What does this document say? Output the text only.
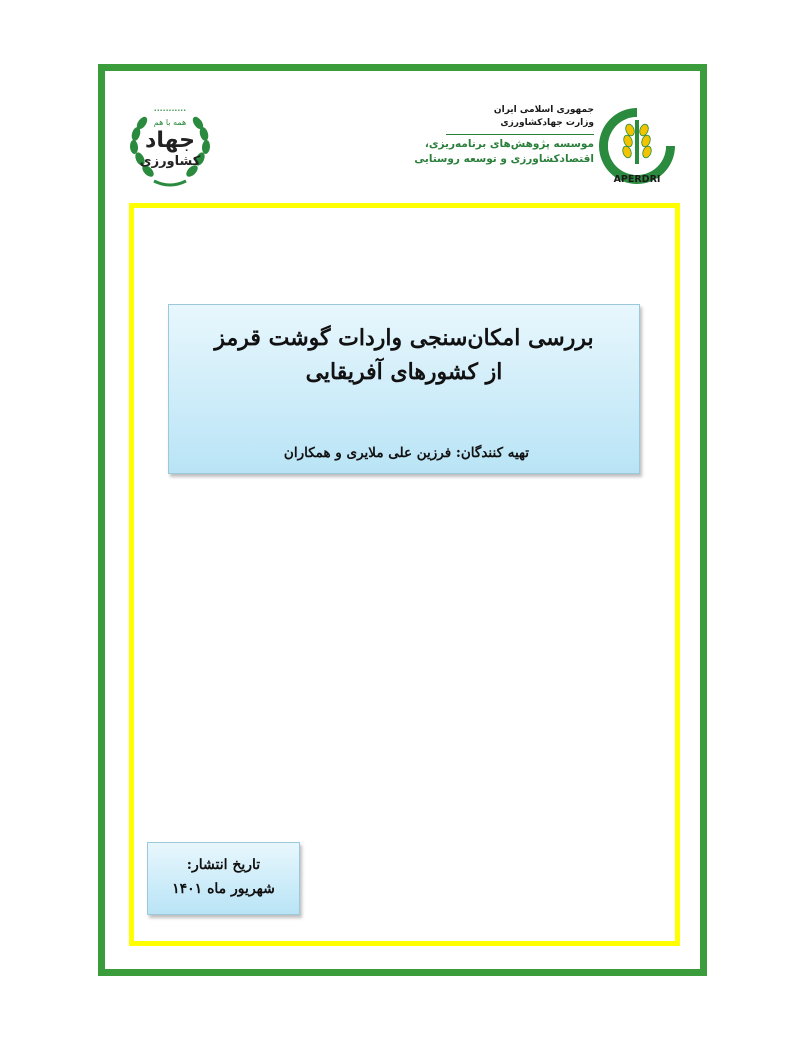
•••••••••••
همه با هم
جهاد
کشاورزی
جمهوری اسلامی ایران
وزارت جهادکشاورزی
موسسه پژوهش‌های برنامه‌ریزی،
اقتصادکشاورزی و توسعه روستایی
APERDRI
بررسی امکان‌سنجی واردات گوشت قرمز
از کشورهای آفریقایی
تهیه کنندگان: فرزین علی ملایری و همکاران
تاریخ انتشار:
شهریور ماه ۱۴۰۱
